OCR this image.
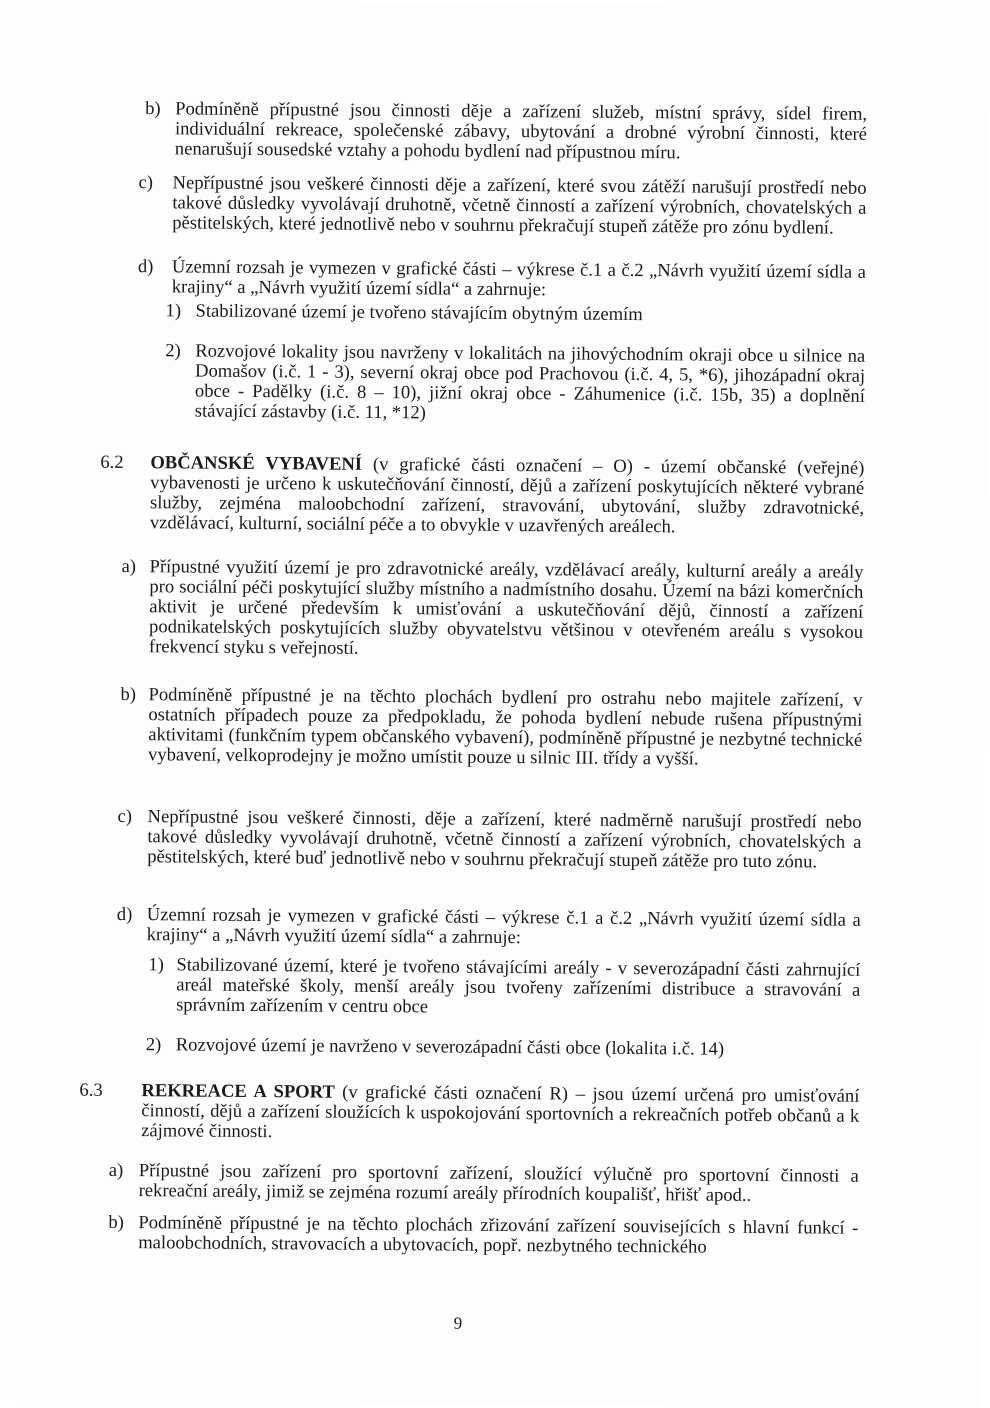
b) Podmíněně přípustné jsou činnosti děje a zařízení služeb, místní správy, sídel firem, individuální rekreace, společenské zábavy, ubytování a drobné výrobní činnosti, které nenarušují sousedské vztahy a pohodu bydlení nad přípustnou míru.
c) Nepřípustné jsou veškeré činnosti děje a zařízení, které svou zátěží narušují prostředí nebo takové důsledky vyvolávají druhotně, včetně činností a zařízení výrobních, chovatelských a pěstitelských, které jednotlivě nebo v souhrnu překračují stupeň zátěže pro zónu bydlení.
d) Územní rozsah je vymezen v grafické části – výkrese č.1 a č.2 „Návrh využití území sídla a krajiny“ a „Návrh využití území sídla“ a zahrnuje:
1) Stabilizované území je tvořeno stávajícím obytným územím
2) Rozvojové lokality jsou navrženy v lokalitách na jihovýchodním okraji obce u silnice na Domašov (i.č. 1 - 3), severní okraj obce pod Prachovou (i.č. 4, 5, *6), jihozápadní okraj obce - Padělky (i.č. 8 – 10), jižní okraj obce - Záhumenice (i.č. 15b, 35) a doplnění stávající zástavby (i.č. 11, *12)
6.2 OBČANSKÉ VYBAVENÍ (v grafické části označení – O) - území občanské (veřejné) vybavenosti je určeno k uskutečňování činností, dějů a zařízení poskytujících některé vybrané služby, zejména maloobchodní zařízení, stravování, ubytování, služby zdravotnické, vzdělávací, kulturní, sociální péče a to obvykle v uzavřených areálech.
a) Přípustné využití území je pro zdravotnické areály, vzdělávací areály, kulturní areály a areály pro sociální péči poskytující služby místního a nadmístního dosahu. Území na bázi komerčních aktivit je určené především k umisťování a uskutečňování dějů, činností a zařízení podnikatelských poskytujících služby obyvatelstvu většinou v otevřeném areálu s vysokou frekvencí styku s veřejností.
b) Podmíněně přípustné je na těchto plochách bydlení pro ostrahu nebo majitele zařízení, v ostatních případech pouze za předpokladu, že pohoda bydlení nebude rušena přípustnými aktivitami (funkčním typem občanského vybavení), podmíněně přípustné je nezbytné technické vybavení, velkoprodejny je možno umístit pouze u silnic III. třídy a vyšší.
c) Nepřípustné jsou veškeré činnosti, děje a zařízení, které nadměrně narušují prostředí nebo takové důsledky vyvolávají druhotně, včetně činností a zařízení výrobních, chovatelských a pěstitelských, které buď jednotlivě nebo v souhrnu překračují stupeň zátěže pro tuto zónu.
d) Územní rozsah je vymezen v grafické části – výkrese č.1 a č.2 „Návrh využití území sídla a krajiny“ a „Návrh využití území sídla“ a zahrnuje:
1) Stabilizované území, které je tvořeno stávajícími areály - v severozápadní části zahrnující areál mateřské školy, menší areály jsou tvořeny zařízeními distribuce a stravování a správním zařízením v centru obce
2) Rozvojové území je navrženo v severozápadní části obce (lokalita i.č. 14)
6.3 REKREACE A SPORT (v grafické části označení R) – jsou území určená pro umisťování činností, dějů a zařízení sloužících k uspokojování sportovních a rekreačních potřeb občanů a k zájmové činnosti.
a) Přípustné jsou zařízení pro sportovní zařízení, sloužící výlučně pro sportovní činnosti a rekreační areály, jimiž se zejména rozumí areály přírodních koupališť, hřišť apod..
b) Podmíněně přípustné je na těchto plochách zřizování zařízení souvisejících s hlavní funkcí - maloobchodních, stravovacích a ubytovacích, popř. nezbytného technického
9
